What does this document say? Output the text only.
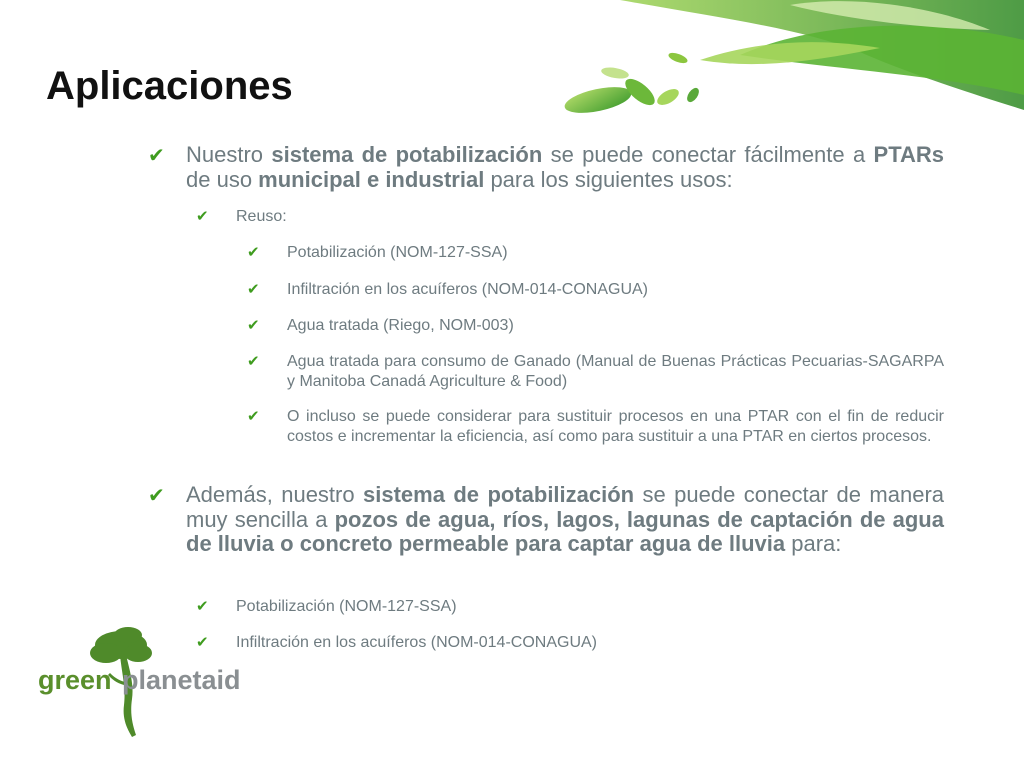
Aplicaciones
✔ Nuestro sistema de potabilización se puede conectar fácilmente a PTARs de uso municipal e industrial para los siguientes usos:
✔ Reuso:
✔ Potabilización (NOM-127-SSA)
✔ Infiltración en los acuíferos (NOM-014-CONAGUA)
✔ Agua tratada (Riego, NOM-003)
✔ Agua tratada para consumo de Ganado (Manual de Buenas Prácticas Pecuarias-SAGARPA y Manitoba Canadá Agriculture & Food)
✔ O incluso se puede considerar para sustituir procesos en una PTAR con el fin de reducir costos e incrementar la eficiencia, así como para sustituir a una PTAR en ciertos procesos.
✔ Además, nuestro sistema de potabilización se puede conectar de manera muy sencilla a pozos de agua, ríos, lagos, lagunas de captación de agua de lluvia o concreto permeable para captar agua de lluvia para:
✔ Potabilización (NOM-127-SSA)
✔ Infiltración en los acuíferos (NOM-014-CONAGUA)
green planetaid
